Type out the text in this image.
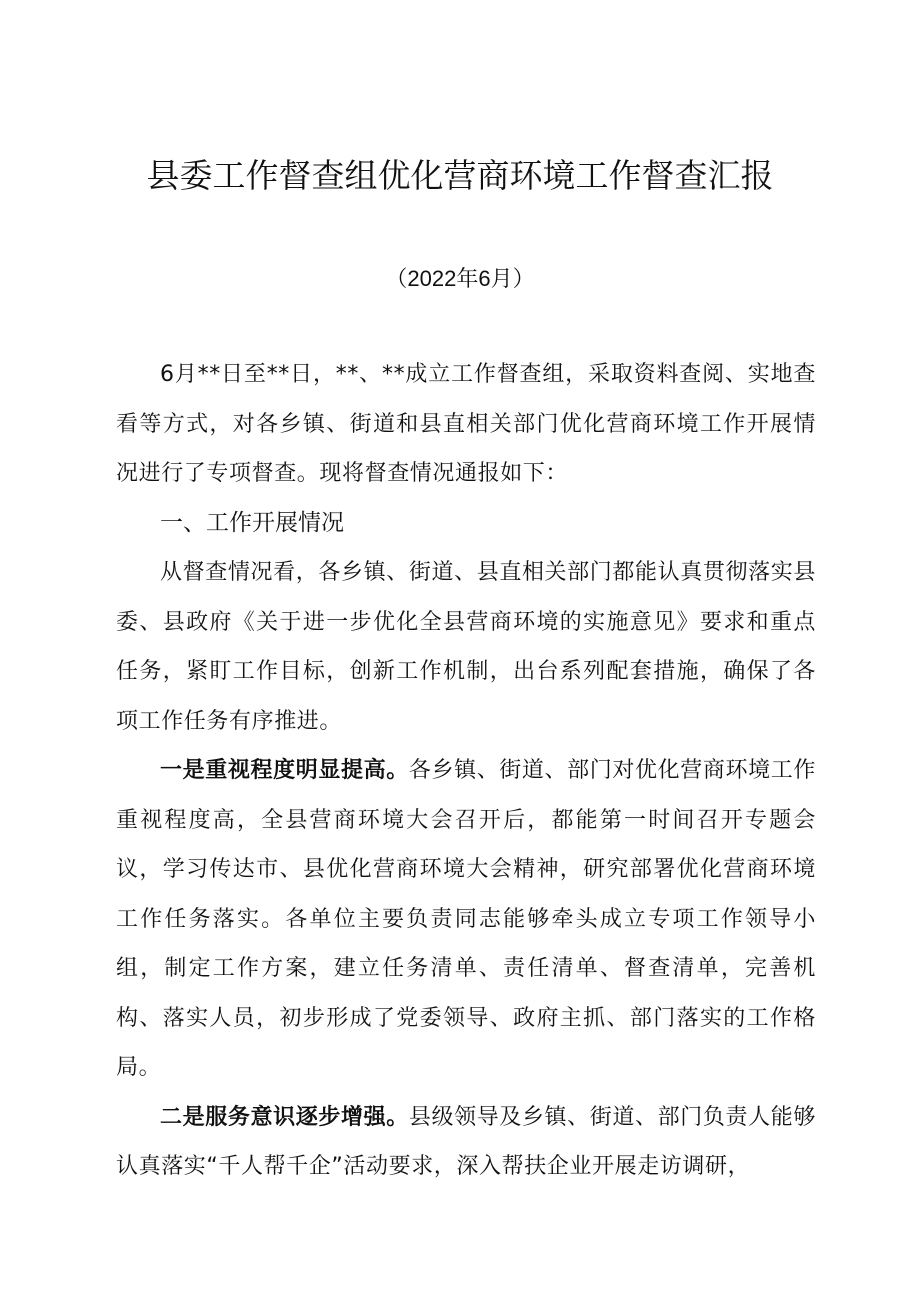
县委工作督查组优化营商环境工作督查汇报

（2022年6月）

6月**日至**日，**、**成立工作督查组，采取资料查阅、实地查看等方式，对各乡镇、街道和县直相关部门优化营商环境工作开展情况进行了专项督查。现将督查情况通报如下：

一、工作开展情况

从督查情况看，各乡镇、街道、县直相关部门都能认真贯彻落实县委、县政府《关于进一步优化全县营商环境的实施意见》要求和重点任务，紧盯工作目标，创新工作机制，出台系列配套措施，确保了各项工作任务有序推进。

一是重视程度明显提高。各乡镇、街道、部门对优化营商环境工作重视程度高，全县营商环境大会召开后，都能第一时间召开专题会议，学习传达市、县优化营商环境大会精神，研究部署优化营商环境工作任务落实。各单位主要负责同志能够牵头成立专项工作领导小组，制定工作方案，建立任务清单、责任清单、督查清单，完善机构、落实人员，初步形成了党委领导、政府主抓、部门落实的工作格局。

二是服务意识逐步增强。县级领导及乡镇、街道、部门负责人能够认真落实“千人帮千企”活动要求，深入帮扶企业开展走访调研，
